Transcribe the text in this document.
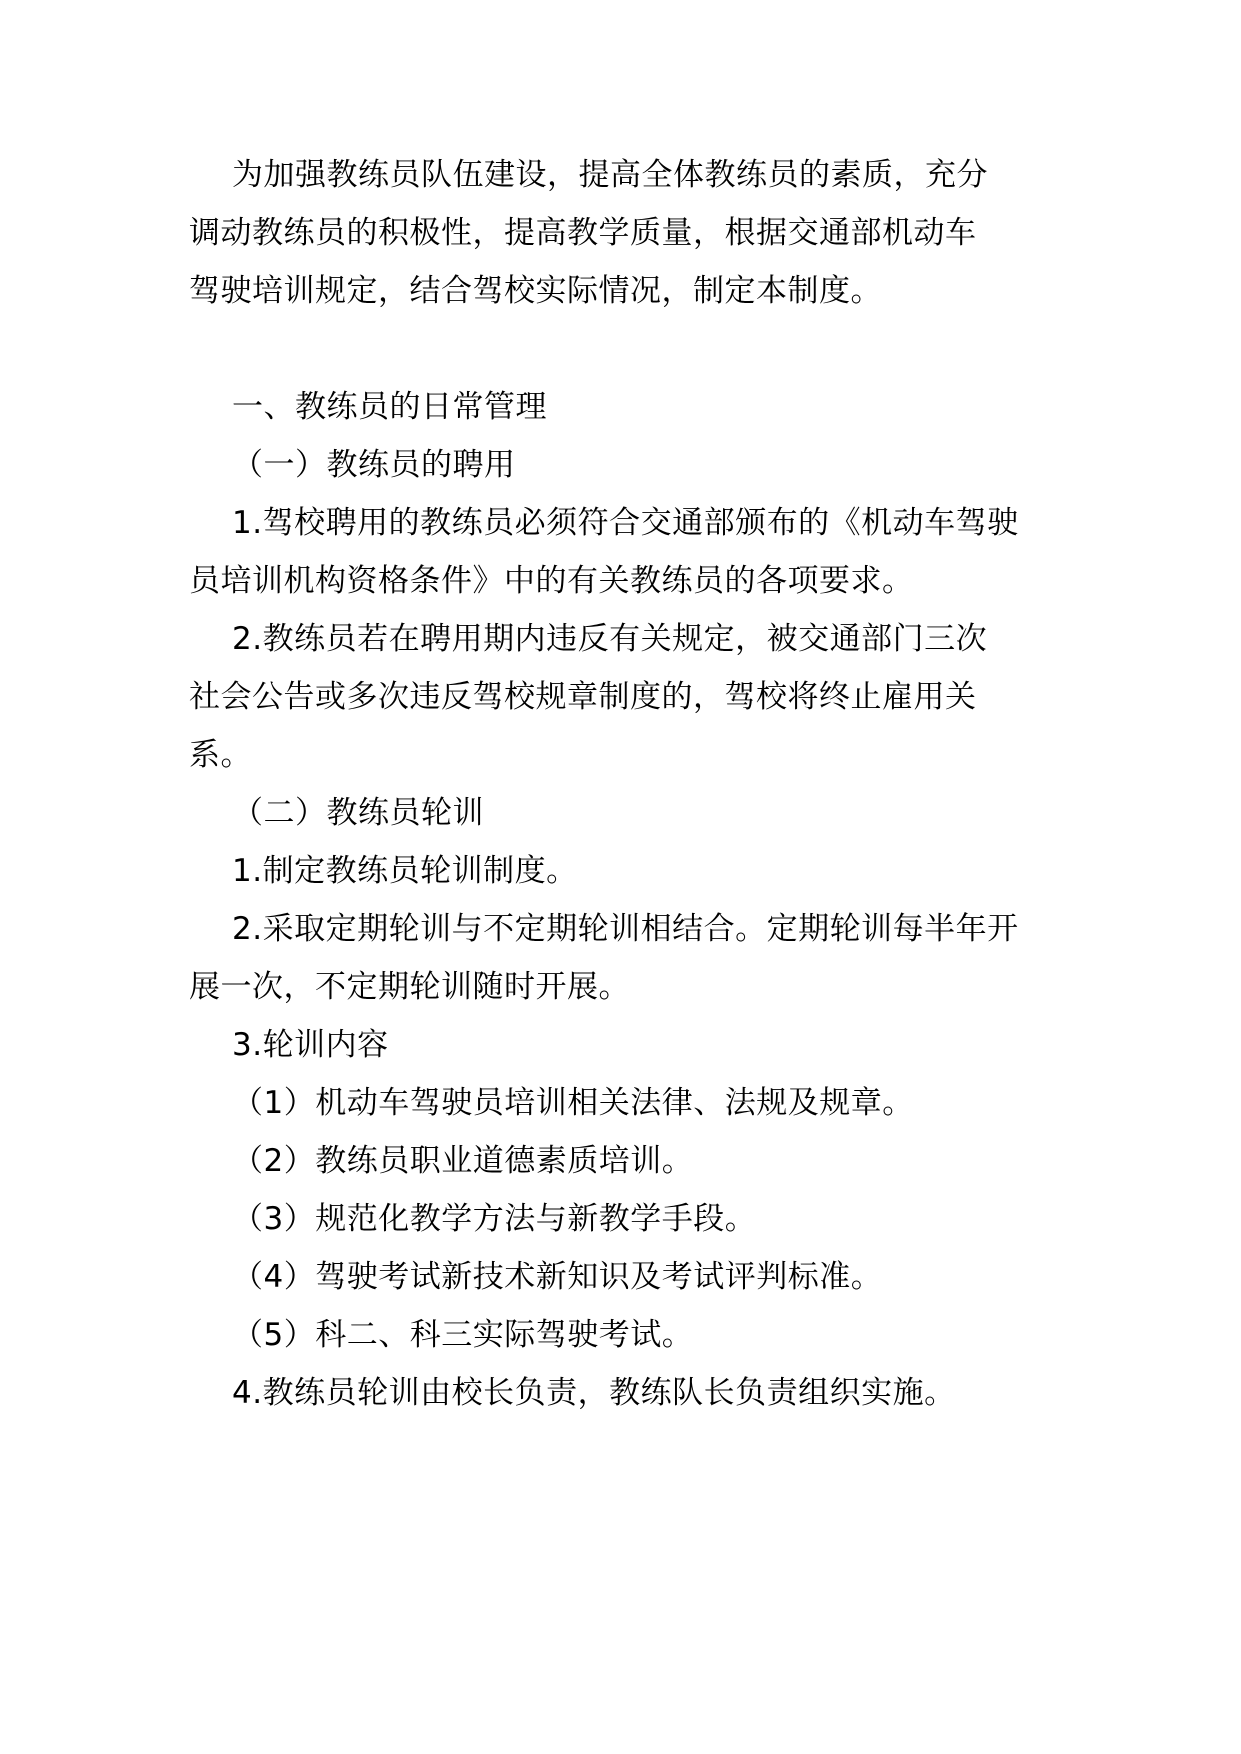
为加强教练员队伍建设，提高全体教练员的素质，充分
调动教练员的积极性，提高教学质量，根据交通部机动车
驾驶培训规定，结合驾校实际情况，制定本制度。
一、教练员的日常管理
（一）教练员的聘用
1.驾校聘用的教练员必须符合交通部颁布的《机动车驾驶
员培训机构资格条件》中的有关教练员的各项要求。
2.教练员若在聘用期内违反有关规定，被交通部门三次
社会公告或多次违反驾校规章制度的，驾校将终止雇用关
系。
（二）教练员轮训
1.制定教练员轮训制度。
2.采取定期轮训与不定期轮训相结合。定期轮训每半年开
展一次，不定期轮训随时开展。
3.轮训内容
（1）机动车驾驶员培训相关法律、法规及规章。
（2）教练员职业道德素质培训。
（3）规范化教学方法与新教学手段。
（4）驾驶考试新技术新知识及考试评判标准。
（5）科二、科三实际驾驶考试。
4.教练员轮训由校长负责，教练队长负责组织实施。
